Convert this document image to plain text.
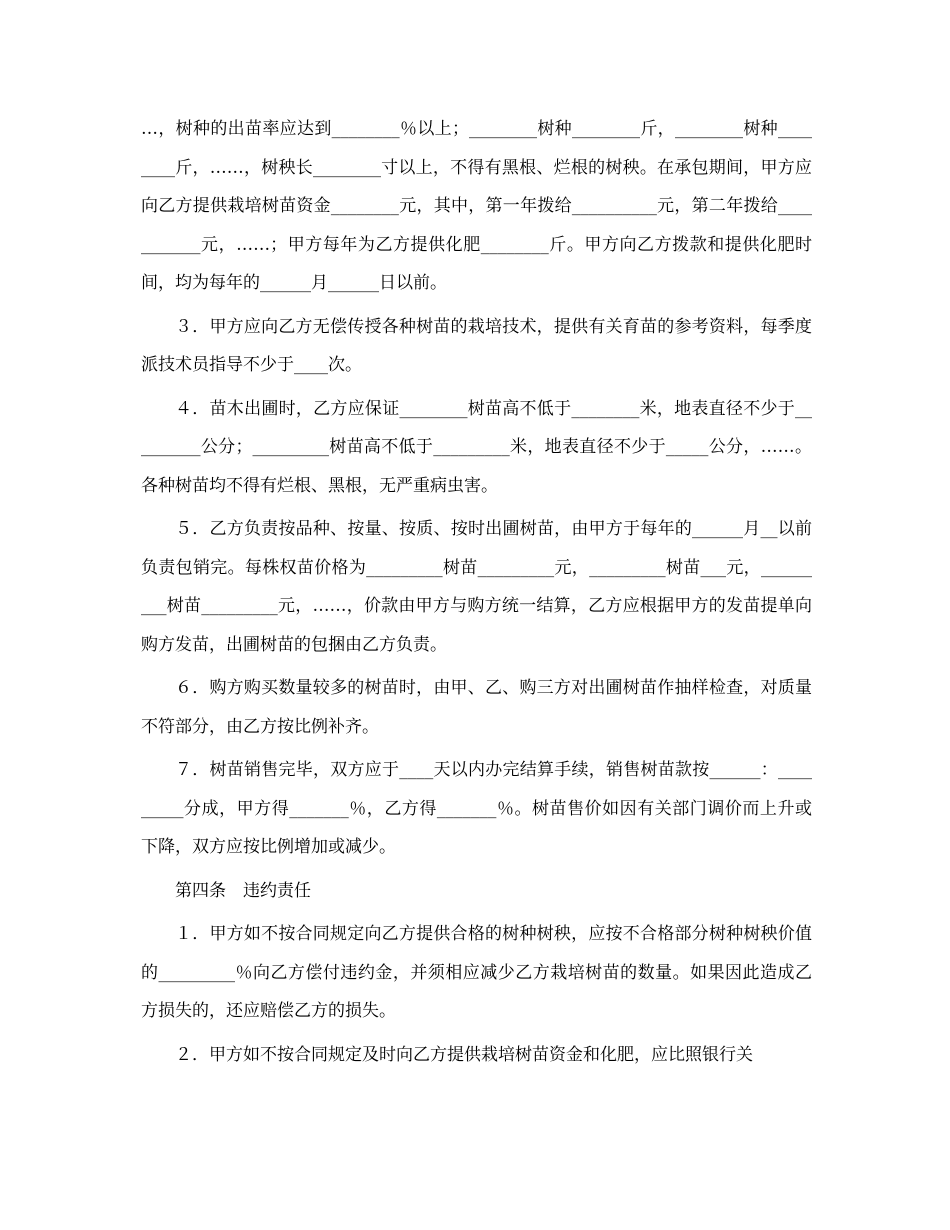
…，树种的出苗率应达到________％以上；________树种________斤，________树种________斤，……，树秧长________寸以上，不得有黑根、烂根的树秧。在承包期间，甲方应向乙方提供栽培树苗资金________元，其中，第一年拨给__________元，第二年拨给___________元，……；甲方每年为乙方提供化肥________斤。甲方向乙方拨款和提供化肥时间，均为每年的______月______日以前。

３．甲方应向乙方无偿传授各种树苗的栽培技术，提供有关育苗的参考资料，每季度派技术员指导不少于____次。

４．苗木出圃时，乙方应保证________树苗高不低于________米，地表直径不少于_________公分；_________树苗高不低于_________米，地表直径不少于_____公分，……。各种树苗均不得有烂根、黑根，无严重病虫害。

５．乙方负责按品种、按量、按质、按时出圃树苗，由甲方于每年的______月__以前负责包销完。每株权苗价格为_________树苗_________元，_________树苗___元，_________树苗_________元，……，价款由甲方与购方统一结算，乙方应根据甲方的发苗提单向购方发苗，出圃树苗的包捆由乙方负责。

６．购方购买数量较多的树苗时，由甲、乙、购三方对出圃树苗作抽样检查，对质量不符部分，由乙方按比例补齐。

７．树苗销售完毕，双方应于____天以内办完结算手续，销售树苗款按______：_________分成，甲方得_______％，乙方得_______％。树苗售价如因有关部门调价而上升或下降，双方应按比例增加或减少。

第四条　违约责任

１．甲方如不按合同规定向乙方提供合格的树种树秧，应按不合格部分树种树秧价值的_________％向乙方偿付违约金，并须相应减少乙方栽培树苗的数量。如果因此造成乙方损失的，还应赔偿乙方的损失。

２．甲方如不按合同规定及时向乙方提供栽培树苗资金和化肥，应比照银行关
